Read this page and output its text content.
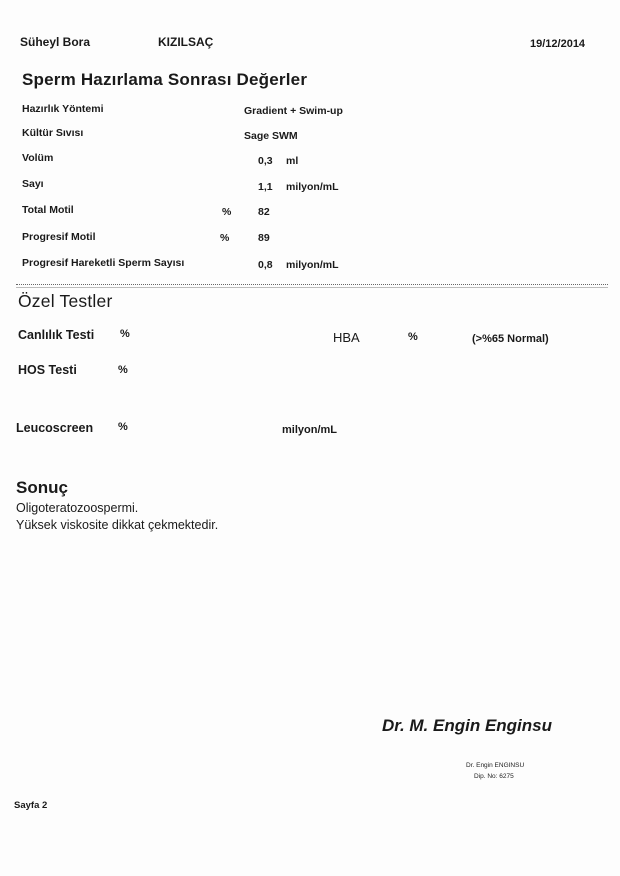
Süheyl Bora	KIZILSAÇ	19/12/2014
Sperm Hazırlama Sonrası Değerler
Hazırlık Yöntemi	Gradient + Swim-up
Kültür Sıvısı	Sage SWM
Volüm	0,3 ml
Sayı	1,1 milyon/mL
Total Motil	%	82
Progresif Motil	%	89
Progresif Hareketli Sperm Sayısı	0,8 milyon/mL
Özel Testler
Canlılık Testi %	HBA	%	(>%65 Normal)
HOS Testi	%
Leucoscreen %	milyon/mL
Sonuç
Oligoteratozoospermi.
Yüksek viskosite dikkat çekmektedir.
Dr. M. Engin Enginsu
Dr. Engin ENGINSU
Dip. No: 6275
Sayfa 2
